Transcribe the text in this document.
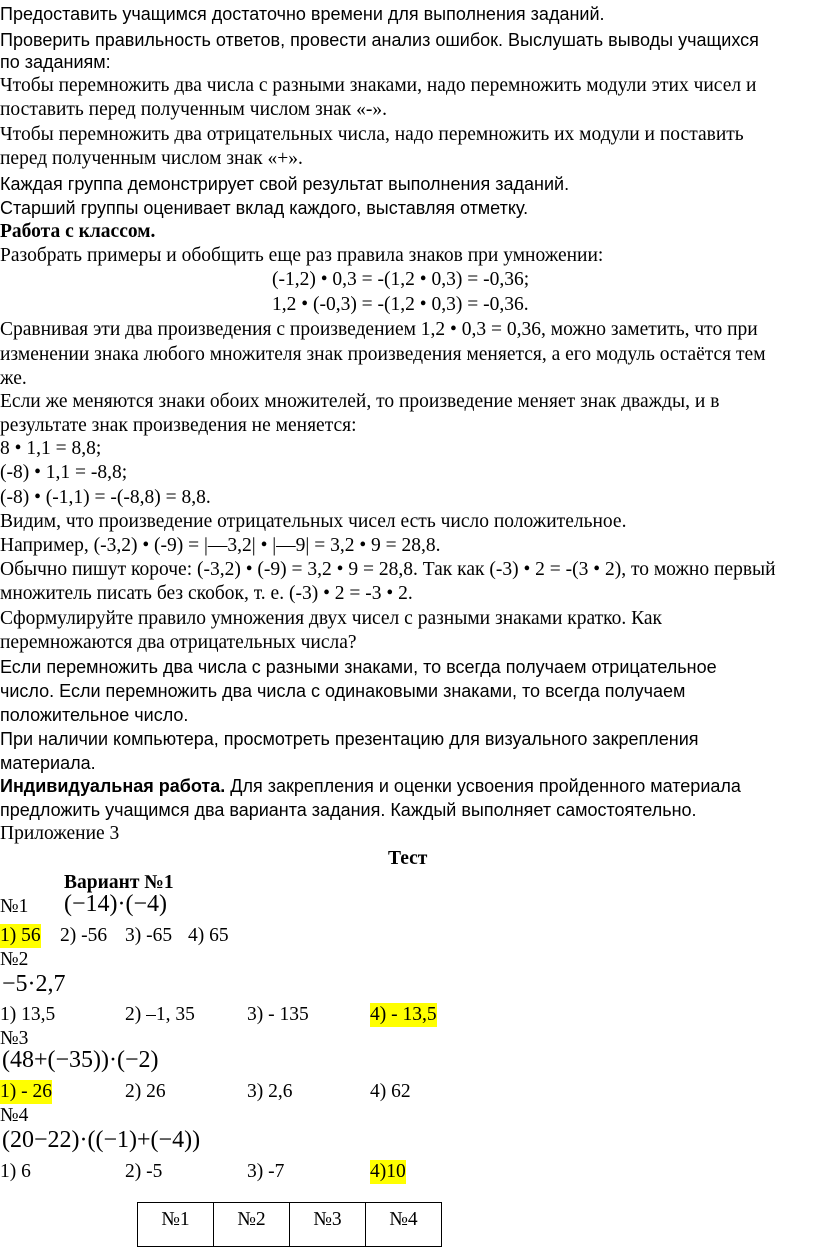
Предоставить учащимся достаточно времени для выполнения заданий.
Проверить правильность ответов, провести анализ ошибок. Выслушать выводы учащихся
по заданиям:
Чтобы перемножить два числа с разными знаками, надо перемножить модули этих чисел и
поставить перед полученным числом знак «-».
Чтобы перемножить два отрицательных числа, надо перемножить их модули и поставить
перед полученным числом знак «+».
Каждая группа демонстрирует свой результат выполнения заданий.
Старший группы оценивает вклад каждого, выставляя отметку.
Работа с классом.
Разобрать примеры и обобщить еще раз правила знаков при умножении:
(-1,2) • 0,3 = -(1,2 • 0,3) = -0,36;
1,2 • (-0,3) = -(1,2 • 0,3) = -0,36.
Сравнивая эти два произведения с произведением 1,2 • 0,3 = 0,36, можно заметить, что при
изменении знака любого множителя знак произведения меняется, а его модуль остаётся тем
же.
Если же меняются знаки обоих множителей, то произведение меняет знак дважды, и в
результате знак произведения не меняется:
8 • 1,1 = 8,8;
(-8) • 1,1 = -8,8;
(-8) • (-1,1) = -(-8,8) = 8,8.
Видим, что произведение отрицательных чисел есть число положительное.
Например, (-3,2) • (-9) = |—3,2| • |—9| = 3,2 • 9 = 28,8.
Обычно пишут короче: (-3,2) • (-9) = 3,2 • 9 = 28,8. Так как (-3) • 2 = -(3 • 2), то можно первый
множитель писать без скобок, т. е. (-3) • 2 = -3 • 2.
Сформулируйте правило умножения двух чисел с разными знаками кратко. Как
перемножаются два отрицательных числа?
Если перемножить два числа с разными знаками, то всегда получаем отрицательное
число. Если перемножить два числа с одинаковыми знаками, то всегда получаем
положительное число.
При наличии компьютера, просмотреть презентацию для визуального закрепления
материала.
Индивидуальная работа. Для закрепления и оценки усвоения пройденного материала
предложить учащимся два варианта задания. Каждый выполняет самостоятельно.
Приложение 3
Тест
Вариант №1
№1 (−14)·(−4)
1) 56 2) -56 3) -65 4) 65
№2
−5·2,7
1) 13,5	2) –1, 35	3) - 135	4) - 13,5
№3
(48+(−35))·(−2)
1) - 26	2) 26	3) 2,6	4) 62
№4
(20−22)·((−1)+(−4))
1) 6	2) -5	3) -7	4)10
№1	№2	№3	№4
